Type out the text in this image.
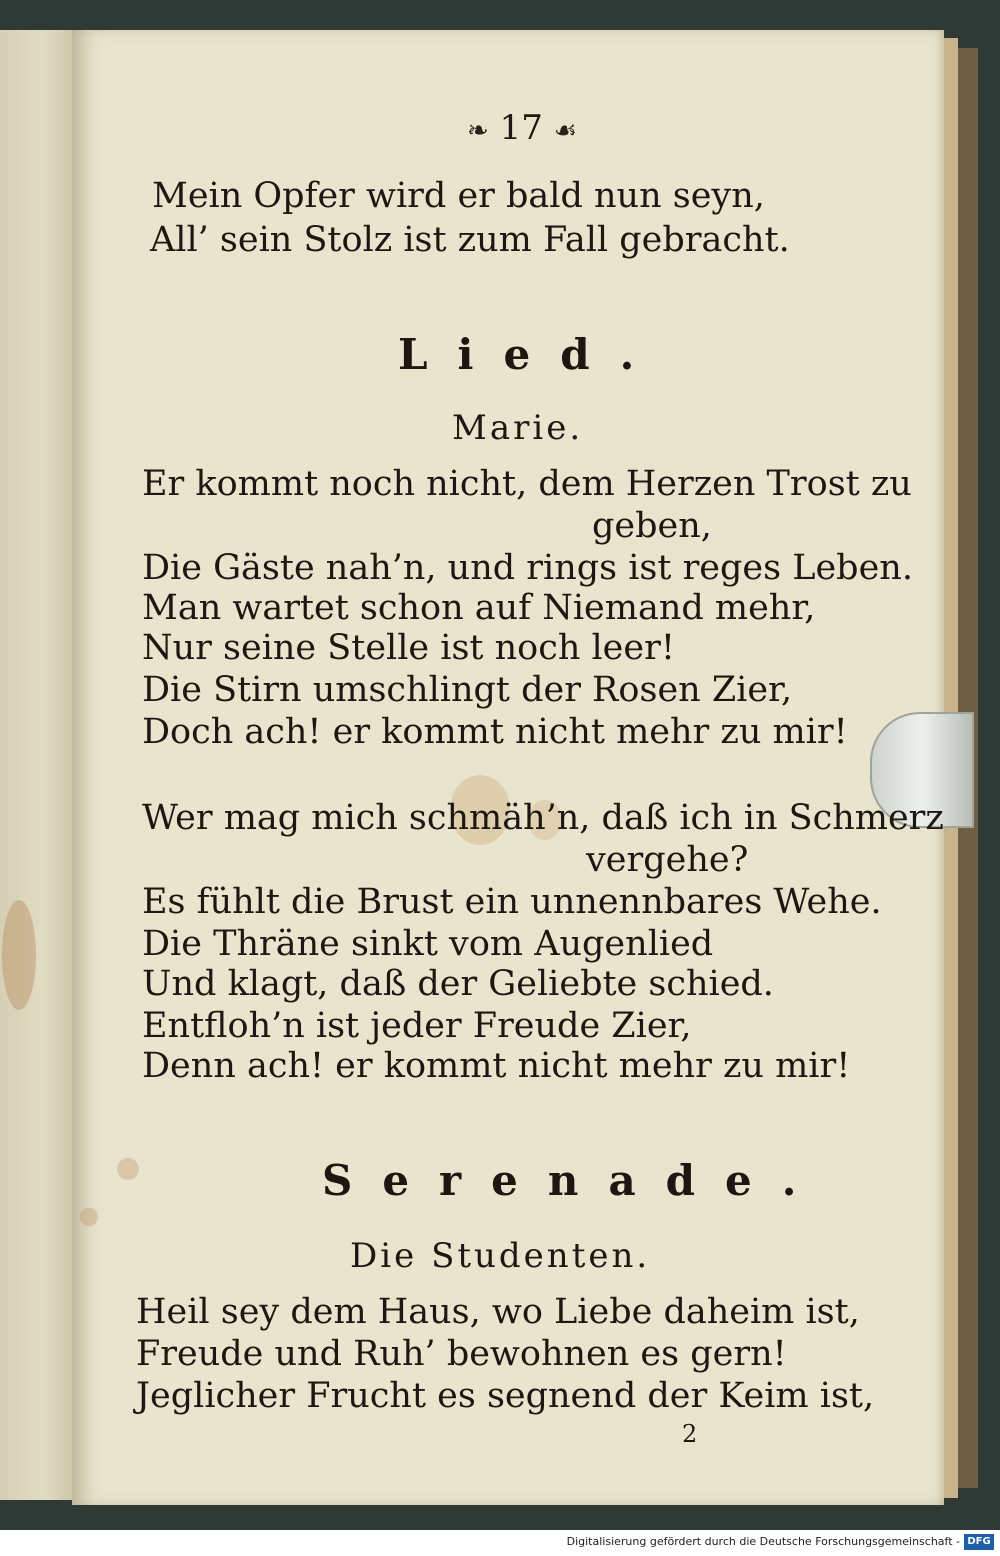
❧ 17 ☙
Mein Opfer wird er bald nun seyn,
All’ sein Stolz ist zum Fall gebracht.
Lied.
Marie.
Er kommt noch nicht, dem Herzen Trost zu
geben,
Die Gäste nah’n, und rings ist reges Leben.
Man wartet schon auf Niemand mehr,
Nur seine Stelle ist noch leer!
Die Stirn umschlingt der Rosen Zier,
Doch ach! er kommt nicht mehr zu mir!
Wer mag mich schmäh’n, daß ich in Schmerz
vergehe?
Es fühlt die Brust ein unnennbares Wehe.
Die Thräne sinkt vom Augenlied
Und klagt, daß der Geliebte schied.
Entfloh’n ist jeder Freude Zier,
Denn ach! er kommt nicht mehr zu mir!
Serenade.
Die Studenten.
Heil sey dem Haus, wo Liebe daheim ist,
Freude und Ruh’ bewohnen es gern!
Jeglicher Frucht es segnend der Keim ist,
2
Digitalisierung gefördert durch die Deutsche Forschungsgemeinschaft - DFG
